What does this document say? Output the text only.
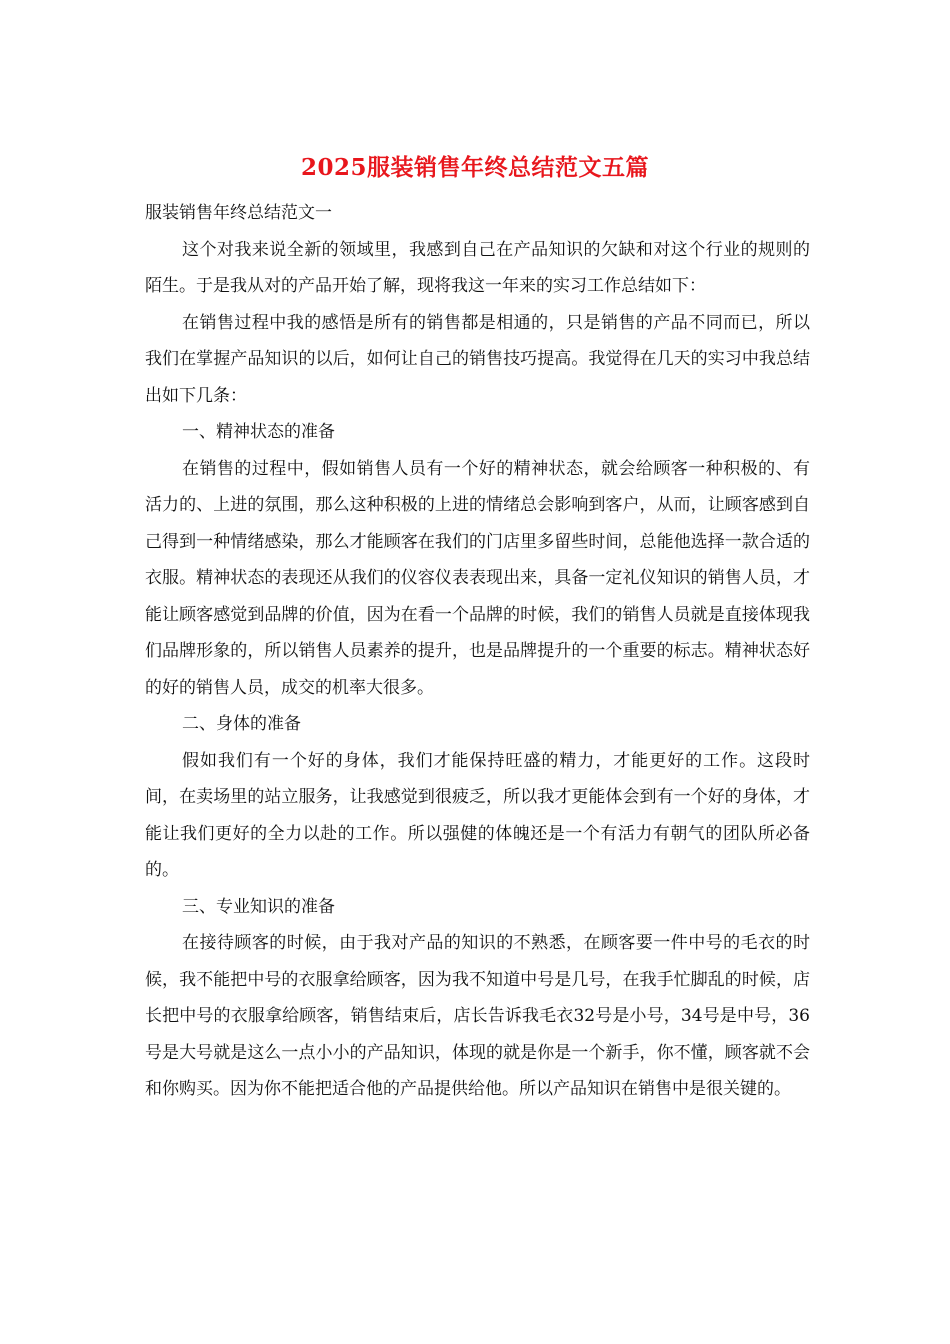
2025服装销售年终总结范文五篇

服装销售年终总结范文一

这个对我来说全新的领域里，我感到自己在产品知识的欠缺和对这个行业的规则的陌生。于是我从对的产品开始了解，现将我这一年来的实习工作总结如下：

在销售过程中我的感悟是所有的销售都是相通的，只是销售的产品不同而已，所以我们在掌握产品知识的以后，如何让自己的销售技巧提高。我觉得在几天的实习中我总结出如下几条：

一、精神状态的准备

在销售的过程中，假如销售人员有一个好的精神状态，就会给顾客一种积极的、有活力的、上进的氛围，那么这种积极的上进的情绪总会影响到客户，从而，让顾客感到自己得到一种情绪感染，那么才能顾客在我们的门店里多留些时间，总能他选择一款合适的衣服。精神状态的表现还从我们的仪容仪表表现出来，具备一定礼仪知识的销售人员，才能让顾客感觉到品牌的价值，因为在看一个品牌的时候，我们的销售人员就是直接体现我们品牌形象的，所以销售人员素养的提升，也是品牌提升的一个重要的标志。精神状态好的好的销售人员，成交的机率大很多。

二、身体的准备

假如我们有一个好的身体，我们才能保持旺盛的精力，才能更好的工作。这段时间，在卖场里的站立服务，让我感觉到很疲乏，所以我才更能体会到有一个好的身体，才能让我们更好的全力以赴的工作。所以强健的体魄还是一个有活力有朝气的团队所必备的。

三、专业知识的准备

在接待顾客的时候，由于我对产品的知识的不熟悉，在顾客要一件中号的毛衣的时候，我不能把中号的衣服拿给顾客，因为我不知道中号是几号，在我手忙脚乱的时候，店长把中号的衣服拿给顾客，销售结束后，店长告诉我毛衣32号是小号，34号是中号，36号是大号就是这么一点小小的产品知识，体现的就是你是一个新手，你不懂，顾客就不会和你购买。因为你不能把适合他的产品提供给他。所以产品知识在销售中是很关键的。
